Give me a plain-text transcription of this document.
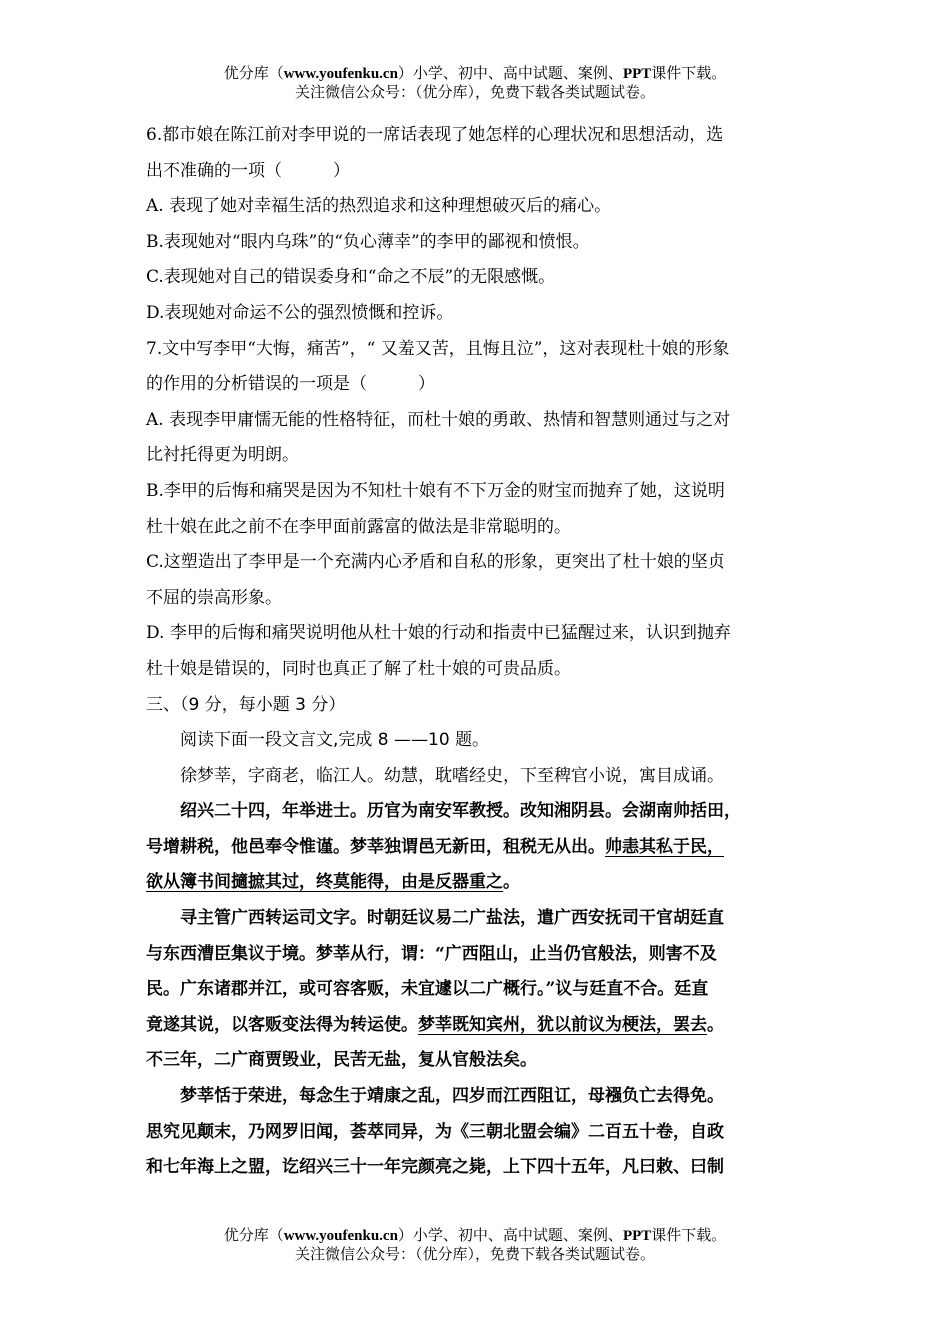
优分库（www.youfenku.cn）小学、初中、高中试题、案例、PPT课件下载。
关注微信公众号：（优分库），免费下载各类试题试卷。
6.都市娘在陈江前对李甲说的一席话表现了她怎样的心理状况和思想活动，选
出不准确的一项（　　　）
A. 表现了她对幸福生活的热烈追求和这种理想破灭后的痛心。
B.表现她对“眼内乌珠”的“负心薄幸”的李甲的鄙视和愤恨。
C.表现她对自己的错误委身和“命之不辰”的无限感慨。
D.表现她对命运不公的强烈愤慨和控诉。
7.文中写李甲“大悔，痛苦”，“ 又羞又苦，且悔且泣”，这对表现杜十娘的形象
的作用的分析错误的一项是（　　　）
A. 表现李甲庸懦无能的性格特征，而杜十娘的勇敢、热情和智慧则通过与之对
比衬托得更为明朗。
B.李甲的后悔和痛哭是因为不知杜十娘有不下万金的财宝而抛弃了她，这说明
杜十娘在此之前不在李甲面前露富的做法是非常聪明的。
C.这塑造出了李甲是一个充满内心矛盾和自私的形象，更突出了杜十娘的坚贞
不屈的崇高形象。
D. 李甲的后悔和痛哭说明他从杜十娘的行动和指责中已猛醒过来，认识到抛弃
杜十娘是错误的，同时也真正了解了杜十娘的可贵品质。
三、（9 分，每小题 3 分）
阅读下面一段文言文,完成 8 ——10 题。
徐梦莘，字商老，临江人。幼慧，耽嗜经史，下至稗官小说，寓目成诵。
绍兴二十四，年举进士。历官为南安军教授。改知湘阴县。会湖南帅括田，
号增耕税，他邑奉令惟谨。梦莘独谓邑无新田，租税无从出。帅恚其私于民，
欲从簿书间擿摭其过，终莫能得，由是反器重之。
寻主管广西转运司文字。时朝廷议易二广盐法，遣广西安抚司干官胡廷直
与东西漕臣集议于境。梦莘从行，谓：“广西阻山，止当仍官般法，则害不及
民。广东诸郡并江，或可容客贩，未宜遽以二广概行。”议与廷直不合。廷直
竟遂其说，以客贩变法得为转运使。梦莘既知宾州，犹以前议为梗法，罢去。
不三年，二广商贾毁业，民苦无盐，复从官般法矣。
梦莘恬于荣进，每念生于靖康之乱，四岁而江西阻讧，母襁负亡去得免。
思究见颠末，乃网罗旧闻，荟萃同异，为《三朝北盟会编》二百五十卷，自政
和七年海上之盟，讫绍兴三十一年完颜亮之毙，上下四十五年，凡曰敕、曰制
优分库（www.youfenku.cn）小学、初中、高中试题、案例、PPT课件下载。
关注微信公众号：（优分库），免费下载各类试题试卷。
